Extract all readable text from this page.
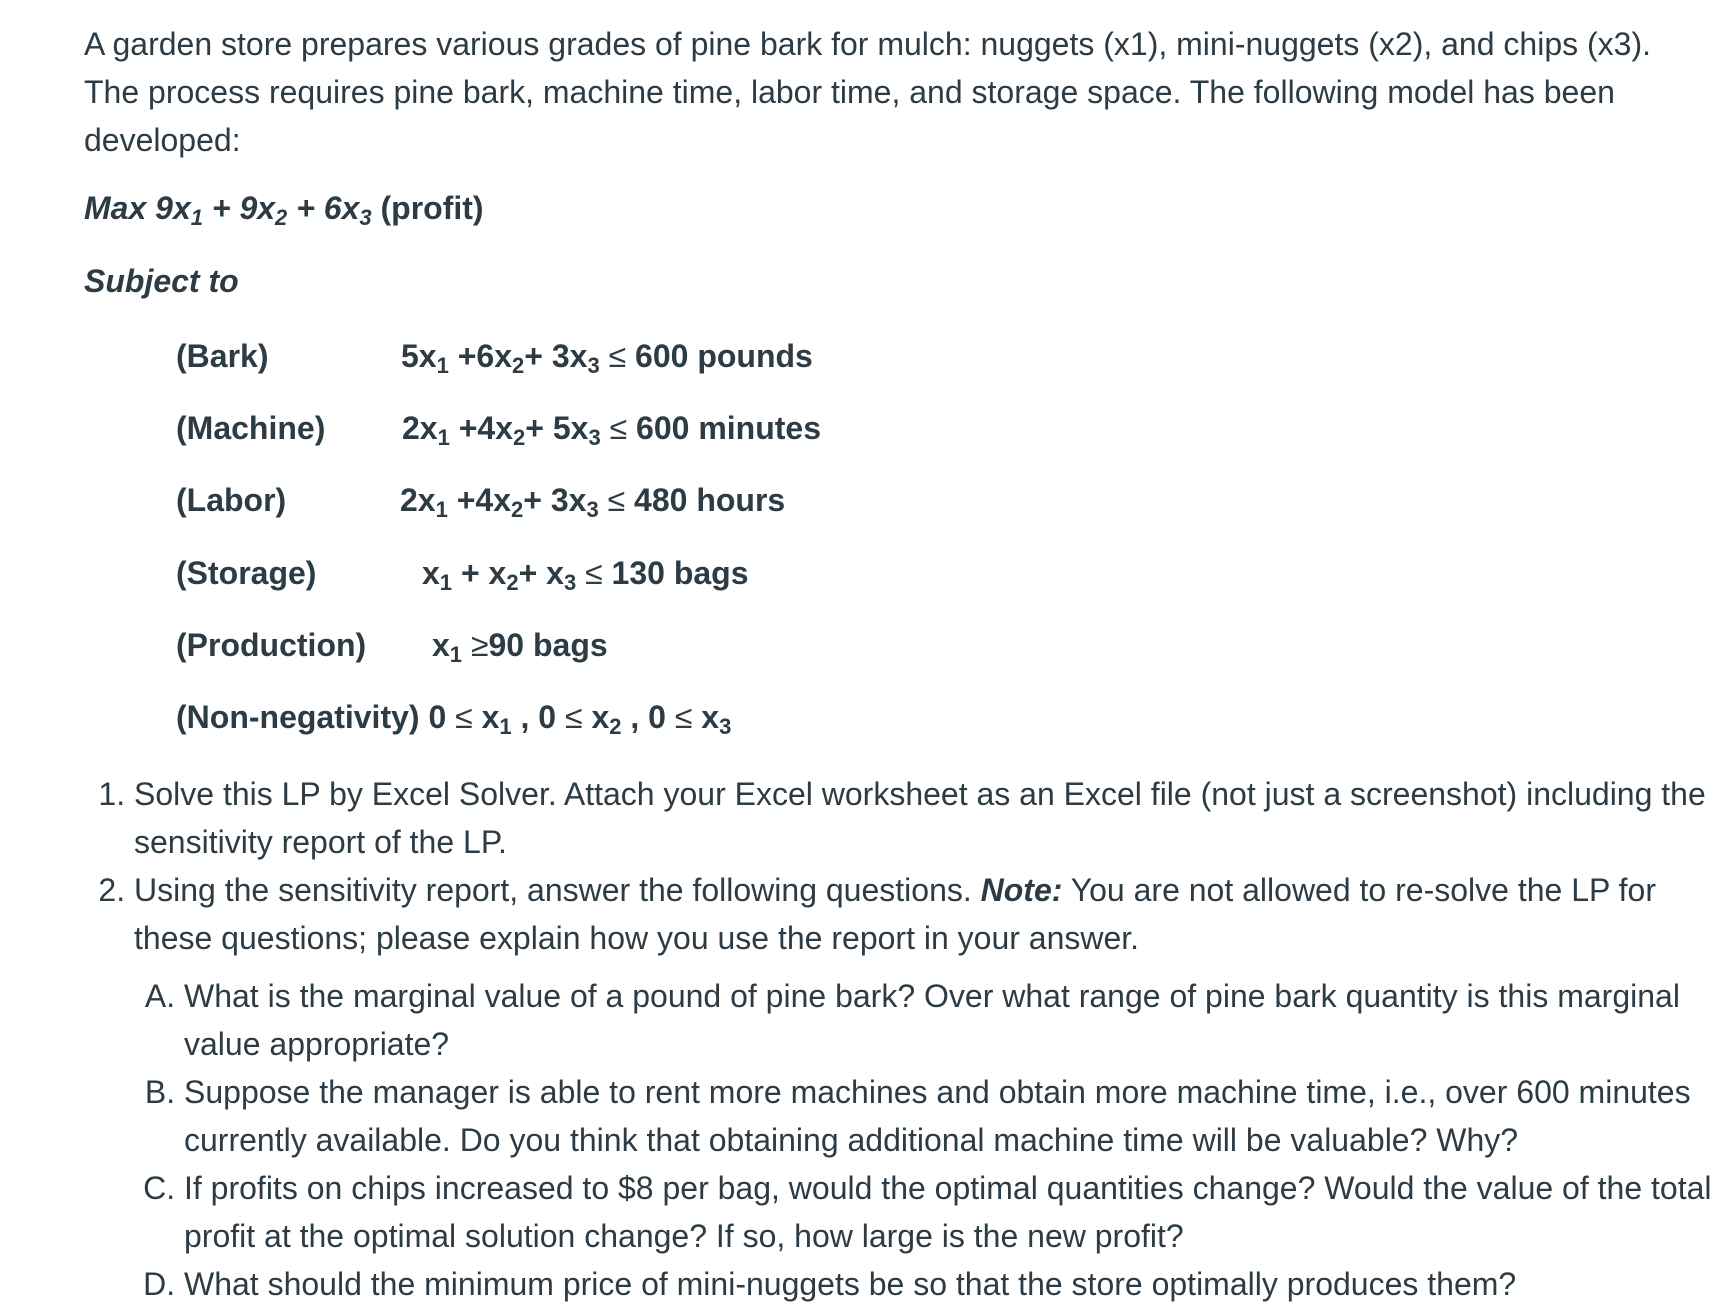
A garden store prepares various grades of pine bark for mulch: nuggets (x1), mini-nuggets (x2), and chips (x3). The process requires pine bark, machine time, labor time, and storage space. The following model has been developed:

Max $9x_1 + 9x_2 + 6x_3$ (profit)
Subject to
(Bark)	$5x_1 +6x_2+ 3x_3 \le 600$ pounds
(Machine) $2x_1 +4x_2+ 5x_3 \le 600$ minutes
(Labor)	$2x_1 +4x_2+ 3x_3 \le 480$ hours
(Storage)	$x_1 + x_2+ x_3 \le 130$ bags
(Production) $x_1 \ge 90$ bags
(Non-negativity) $0 \le x_1$ , $0 \le x_2$ , $0 \le x_3$
1. Solve this LP by Excel Solver. Attach your Excel worksheet as an Excel file (not just a screenshot) including the sensitivity report of the LP.
2. Using the sensitivity report, answer the following questions. Note: You are not allowed to re-solve the LP for these questions; please explain how you use the report in your answer.
A. What is the marginal value of a pound of pine bark? Over what range of pine bark quantity is this marginal value appropriate?
B. Suppose the manager is able to rent more machines and obtain more machine time, i.e., over 600 minutes currently available. Do you think that obtaining additional machine time will be valuable? Why?
C. If profits on chips increased to $8 per bag, would the optimal quantities change? Would the value of the total profit at the optimal solution change? If so, how large is the new profit?
D. What should the minimum price of mini-nuggets be so that the store optimally produces them?
